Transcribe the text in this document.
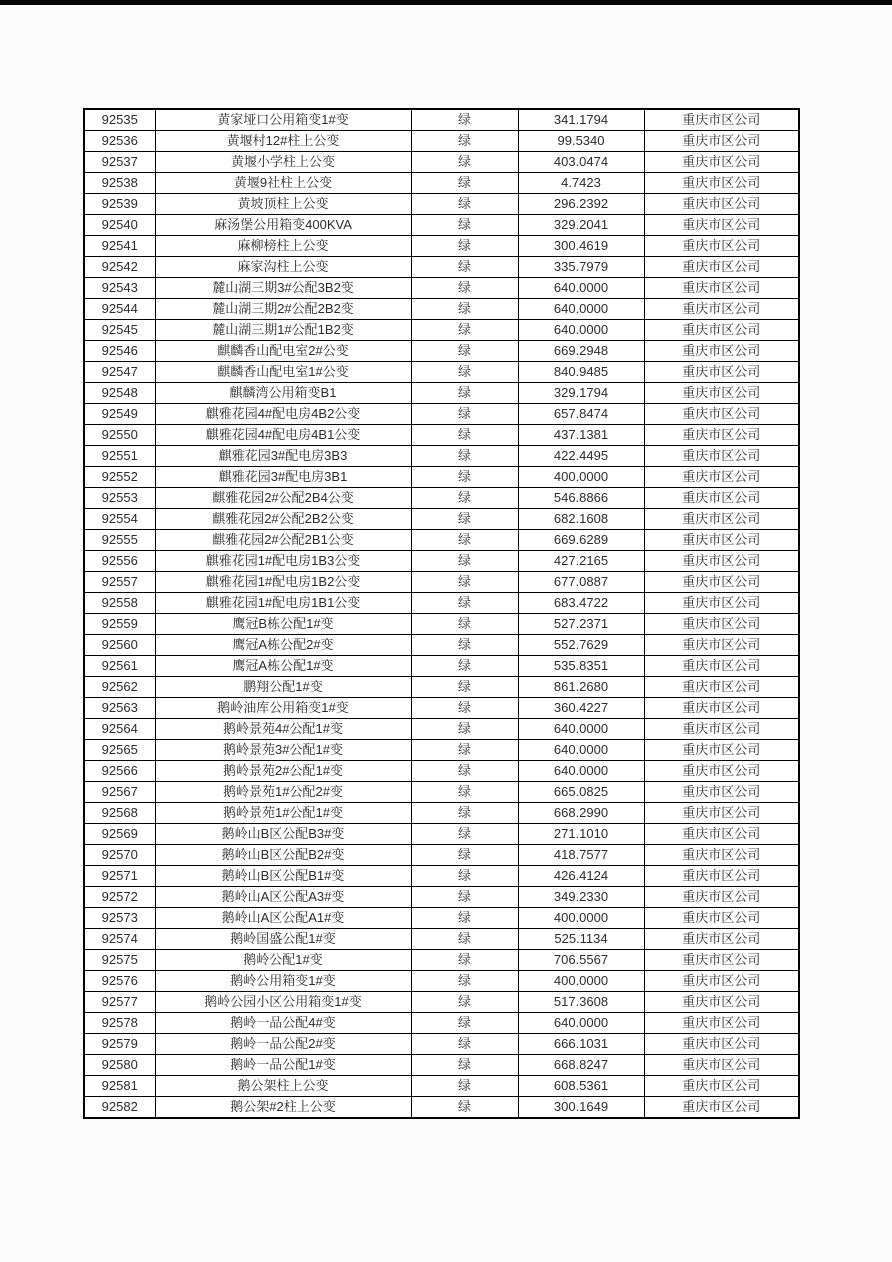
92535	黄家垭口公用箱变1#变	绿	341.1794	重庆市区公司
92536	黄堰村12#柱上公变	绿	99.5340	重庆市区公司
92537	黄堰小学柱上公变	绿	403.0474	重庆市区公司
92538	黄堰9社柱上公变	绿	4.7423	重庆市区公司
92539	黄坡顶柱上公变	绿	296.2392	重庆市区公司
92540	麻汤堡公用箱变400KVA	绿	329.2041	重庆市区公司
92541	麻柳榜柱上公变	绿	300.4619	重庆市区公司
92542	麻家沟柱上公变	绿	335.7979	重庆市区公司
92543	麓山湖三期3#公配3B2变	绿	640.0000	重庆市区公司
92544	麓山湖三期2#公配2B2变	绿	640.0000	重庆市区公司
92545	麓山湖三期1#公配1B2变	绿	640.0000	重庆市区公司
92546	麒麟香山配电室2#公变	绿	669.2948	重庆市区公司
92547	麒麟香山配电室1#公变	绿	840.9485	重庆市区公司
92548	麒麟湾公用箱变B1	绿	329.1794	重庆市区公司
92549	麒雅花园4#配电房4B2公变	绿	657.8474	重庆市区公司
92550	麒雅花园4#配电房4B1公变	绿	437.1381	重庆市区公司
92551	麒雅花园3#配电房3B3	绿	422.4495	重庆市区公司
92552	麒雅花园3#配电房3B1	绿	400.0000	重庆市区公司
92553	麒雅花园2#公配2B4公变	绿	546.8866	重庆市区公司
92554	麒雅花园2#公配2B2公变	绿	682.1608	重庆市区公司
92555	麒雅花园2#公配2B1公变	绿	669.6289	重庆市区公司
92556	麒雅花园1#配电房1B3公变	绿	427.2165	重庆市区公司
92557	麒雅花园1#配电房1B2公变	绿	677.0887	重庆市区公司
92558	麒雅花园1#配电房1B1公变	绿	683.4722	重庆市区公司
92559	鹰冠B栋公配1#变	绿	527.2371	重庆市区公司
92560	鹰冠A栋公配2#变	绿	552.7629	重庆市区公司
92561	鹰冠A栋公配1#变	绿	535.8351	重庆市区公司
92562	鹏翔公配1#变	绿	861.2680	重庆市区公司
92563	鹅岭油库公用箱变1#变	绿	360.4227	重庆市区公司
92564	鹅岭景苑4#公配1#变	绿	640.0000	重庆市区公司
92565	鹅岭景苑3#公配1#变	绿	640.0000	重庆市区公司
92566	鹅岭景苑2#公配1#变	绿	640.0000	重庆市区公司
92567	鹅岭景苑1#公配2#变	绿	665.0825	重庆市区公司
92568	鹅岭景苑1#公配1#变	绿	668.2990	重庆市区公司
92569	鹅岭山B区公配B3#变	绿	271.1010	重庆市区公司
92570	鹅岭山B区公配B2#变	绿	418.7577	重庆市区公司
92571	鹅岭山B区公配B1#变	绿	426.4124	重庆市区公司
92572	鹅岭山A区公配A3#变	绿	349.2330	重庆市区公司
92573	鹅岭山A区公配A1#变	绿	400.0000	重庆市区公司
92574	鹅岭国盛公配1#变	绿	525.1134	重庆市区公司
92575	鹅岭公配1#变	绿	706.5567	重庆市区公司
92576	鹅岭公用箱变1#变	绿	400.0000	重庆市区公司
92577	鹅岭公园小区公用箱变1#变	绿	517.3608	重庆市区公司
92578	鹅岭一品公配4#变	绿	640.0000	重庆市区公司
92579	鹅岭一品公配2#变	绿	666.1031	重庆市区公司
92580	鹅岭一品公配1#变	绿	668.8247	重庆市区公司
92581	鹅公架柱上公变	绿	608.5361	重庆市区公司
92582	鹅公架#2柱上公变	绿	300.1649	重庆市区公司
